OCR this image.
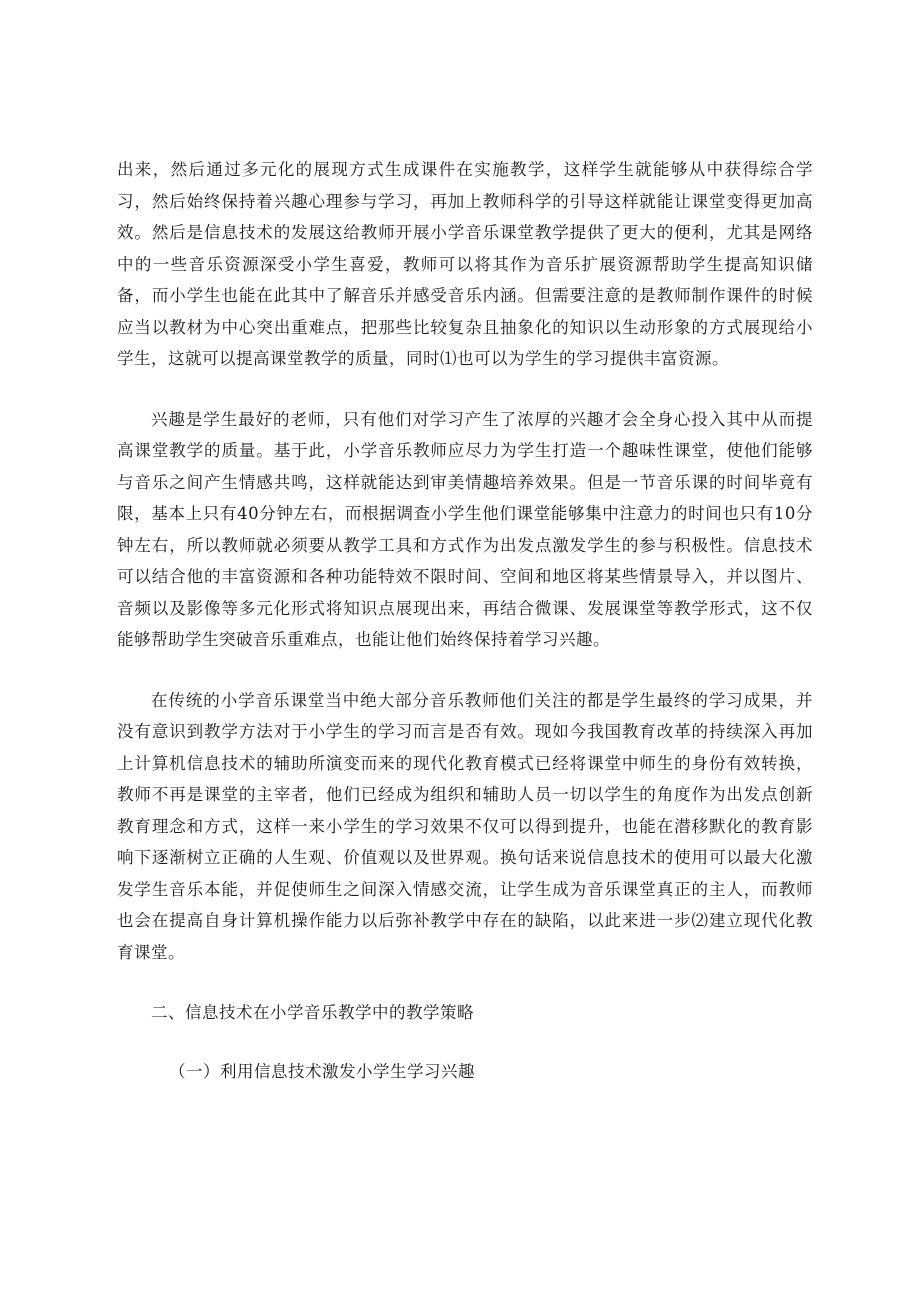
出来，然后通过多元化的展现方式生成课件在实施教学，这样学生就能够从中获得综合学习，然后始终保持着兴趣心理参与学习，再加上教师科学的引导这样就能让课堂变得更加高效。然后是信息技术的发展这给教师开展小学音乐课堂教学提供了更大的便利，尤其是网络中的一些音乐资源深受小学生喜爱，教师可以将其作为音乐扩展资源帮助学生提高知识储备，而小学生也能在此其中了解音乐并感受音乐内涵。但需要注意的是教师制作课件的时候应当以教材为中心突出重难点，把那些比较复杂且抽象化的知识以生动形象的方式展现给小学生，这就可以提高课堂教学的质量，同时⑴也可以为学生的学习提供丰富资源。

兴趣是学生最好的老师，只有他们对学习产生了浓厚的兴趣才会全身心投入其中从而提高课堂教学的质量。基于此，小学音乐教师应尽力为学生打造一个趣味性课堂，使他们能够与音乐之间产生情感共鸣，这样就能达到审美情趣培养效果。但是一节音乐课的时间毕竟有限，基本上只有40分钟左右，而根据调查小学生他们课堂能够集中注意力的时间也只有10分钟左右，所以教师就必须要从教学工具和方式作为出发点激发学生的参与积极性。信息技术可以结合他的丰富资源和各种功能特效不限时间、空间和地区将某些情景导入，并以图片、音频以及影像等多元化形式将知识点展现出来，再结合微课、发展课堂等教学形式，这不仅能够帮助学生突破音乐重难点，也能让他们始终保持着学习兴趣。

在传统的小学音乐课堂当中绝大部分音乐教师他们关注的都是学生最终的学习成果，并没有意识到教学方法对于小学生的学习而言是否有效。现如今我国教育改革的持续深入再加上计算机信息技术的辅助所演变而来的现代化教育模式已经将课堂中师生的身份有效转换，教师不再是课堂的主宰者，他们已经成为组织和辅助人员一切以学生的角度作为出发点创新教育理念和方式，这样一来小学生的学习效果不仅可以得到提升，也能在潜移默化的教育影响下逐渐树立正确的人生观、价值观以及世界观。换句话来说信息技术的使用可以最大化激发学生音乐本能，并促使师生之间深入情感交流，让学生成为音乐课堂真正的主人，而教师也会在提高自身计算机操作能力以后弥补教学中存在的缺陷，以此来进一步⑵建立现代化教育课堂。

二、信息技术在小学音乐教学中的教学策略

（一）利用信息技术激发小学生学习兴趣
